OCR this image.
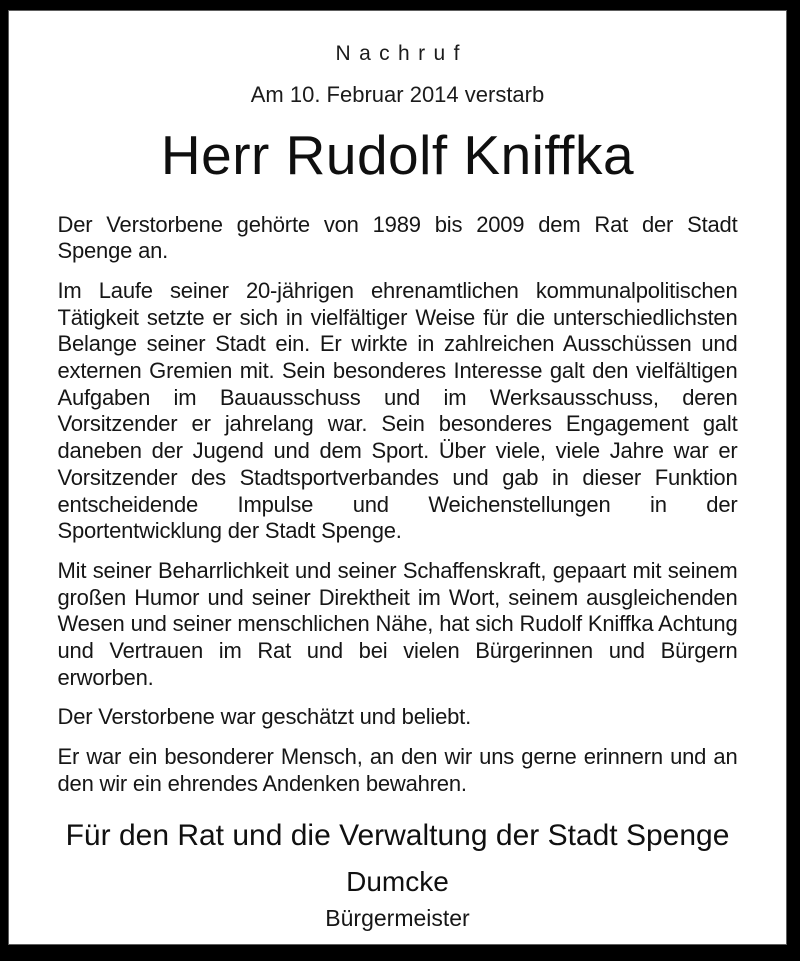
Nachruf

Am 10. Februar 2014 verstarb

Herr Rudolf Kniffka

Der Verstorbene gehörte von 1989 bis 2009 dem Rat der Stadt Spenge an.

Im Laufe seiner 20-jährigen ehrenamtlichen kommunalpolitischen Tätigkeit setzte er sich in vielfältiger Weise für die unterschiedlichsten Belange seiner Stadt ein. Er wirkte in zahlreichen Ausschüssen und externen Gremien mit. Sein besonderes Interesse galt den vielfältigen Aufgaben im Bauausschuss und im Werksausschuss, deren Vorsitzender er jahrelang war. Sein besonderes Engagement galt daneben der Jugend und dem Sport. Über viele, viele Jahre war er Vorsitzender des Stadtsportverbandes und gab in dieser Funktion entscheidende Impulse und Weichenstellungen in der Sportentwicklung der Stadt Spenge.

Mit seiner Beharrlichkeit und seiner Schaffenskraft, gepaart mit seinem großen Humor und seiner Direktheit im Wort, seinem ausgleichenden Wesen und seiner menschlichen Nähe, hat sich Rudolf Kniffka Achtung und Vertrauen im Rat und bei vielen Bürgerinnen und Bürgern erworben.

Der Verstorbene war geschätzt und beliebt.

Er war ein besonderer Mensch, an den wir uns gerne erinnern und an den wir ein ehrendes Andenken bewahren.

Für den Rat und die Verwaltung der Stadt Spenge

Dumcke

Bürgermeister
